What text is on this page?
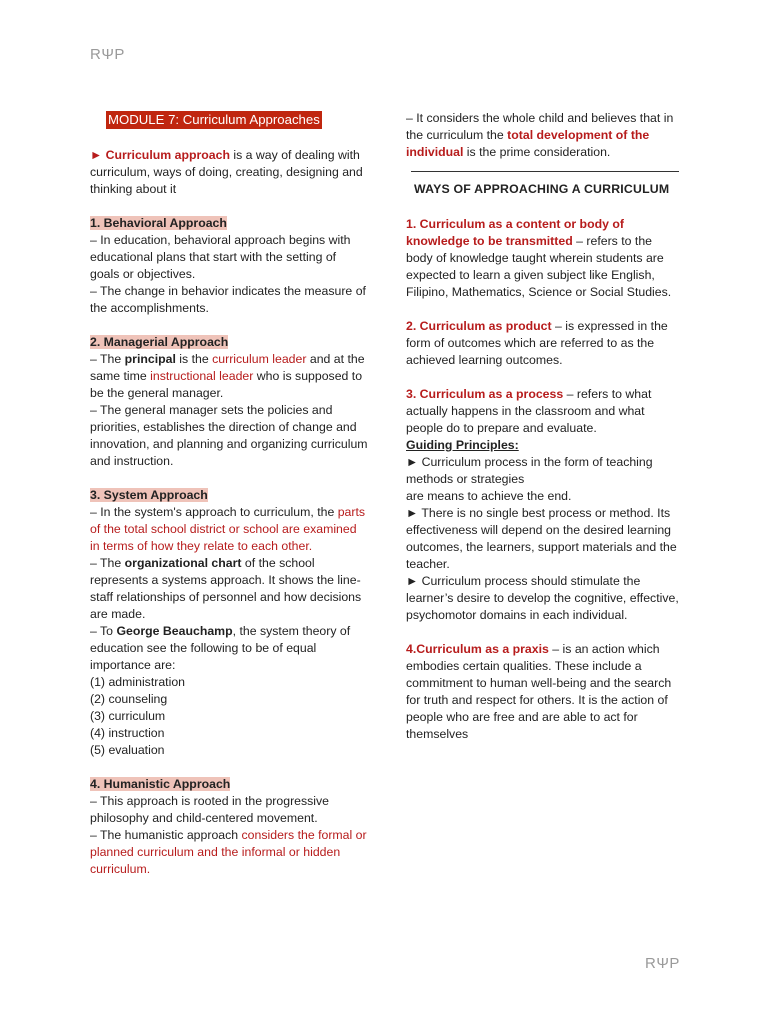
RΨP
MODULE 7: Curriculum Approaches

► Curriculum approach is a way of dealing with curriculum, ways of doing, creating, designing and thinking about it

1. Behavioral Approach

– In education, behavioral approach begins with educational plans that start with the setting of goals or objectives.

– The change in behavior indicates the measure of the accomplishments.

2. Managerial Approach

– The principal is the curriculum leader and at the same time instructional leader who is supposed to be the general manager.

– The general manager sets the policies and priorities, establishes the direction of change and innovation, and planning and organizing curriculum and instruction.

3. System Approach

– In the system's approach to curriculum, the parts of the total school district or school are examined in terms of how they relate to each other.

– The organizational chart of the school represents a systems approach. It shows the line-staff relationships of personnel and how decisions are made.

– To George Beauchamp, the system theory of education see the following to be of equal importance are:

(1) administration

(2) counseling

(3) curriculum

(4) instruction

(5) evaluation

4. Humanistic Approach

– This approach is rooted in the progressive philosophy and child-centered movement.

– The humanistic approach considers the formal or planned curriculum and the informal or hidden curriculum.

– It considers the whole child and believes that in the curriculum the total development of the individual is the prime consideration.

WAYS OF APPROACHING A CURRICULUM

1. Curriculum as a content or body of knowledge to be transmitted – refers to the body of knowledge taught wherein students are expected to learn a given subject like English, Filipino, Mathematics, Science or Social Studies.

2. Curriculum as product – is expressed in the form of outcomes which are referred to as the achieved learning outcomes.

3. Curriculum as a process – refers to what actually happens in the classroom and what people do to prepare and evaluate.

Guiding Principles:

► Curriculum process in the form of teaching methods or strategies

are means to achieve the end.

► There is no single best process or method. Its effectiveness will depend on the desired learning outcomes, the learners, support materials and the teacher.

► Curriculum process should stimulate the learner’s desire to develop the cognitive, effective, psychomotor domains in each individual.

4.Curriculum as a praxis – is an action which embodies certain qualities. These include a commitment to human well-being and the search for truth and respect for others. It is the action of people who are free and are able to act for themselves

RΨP
